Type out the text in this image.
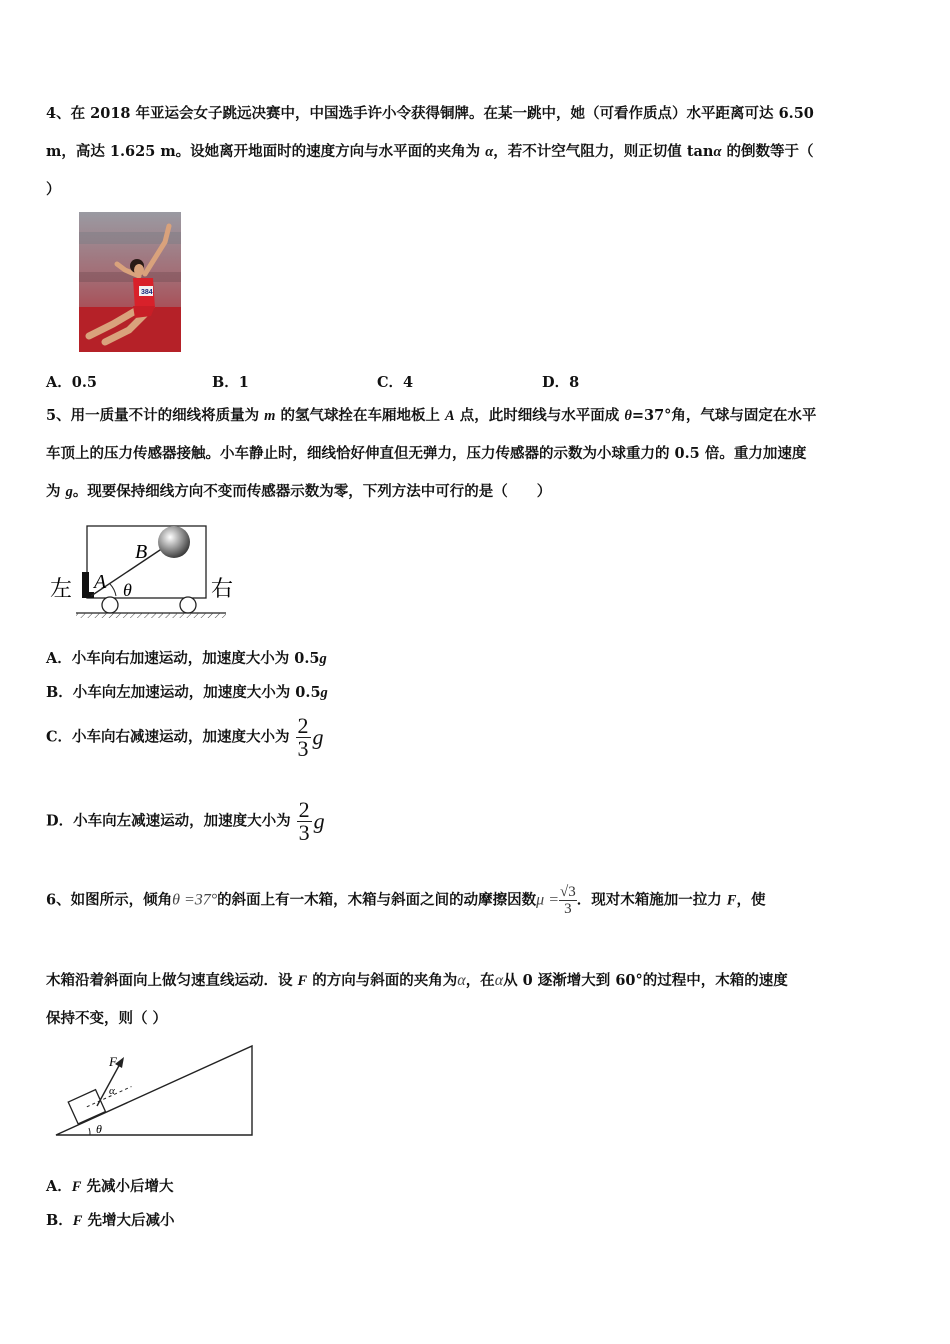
4、在 2018 年亚运会女子跳远决赛中，中国选手许小令获得铜牌。在某一跳中，她（可看作质点）水平距离可达 6.50
m，高达 1.625 m。设她离开地面时的速度方向与水平面的夹角为 α，若不计空气阻力，则正切值 tanα 的倒数等于（
）
384
A．0.5	B．1	C．4	D．8
5、用一质量不计的细线将质量为 m 的氢气球拴在车厢地板上 A 点，此时细线与水平面成 θ=37°角，气球与固定在水平
车顶上的压力传感器接触。小车静止时，细线恰好伸直但无弹力，压力传感器的示数为小球重力的 0.5 倍。重力加速度
为 g。现要保持细线方向不变而传感器示数为零，下列方法中可行的是（　　）
左	右
A
B
θ
A．小车向右加速运动，加速度大小为 0.5g
B．小车向左加速运动，加速度大小为 0.5g
C．小车向右减速运动，加速度大小为 $\frac{2}{3}$ g
D．小车向左减速运动，加速度大小为 $\frac{2}{3}$ g
6、如图所示，倾角θ =37°的斜面上有一木箱，木箱与斜面之间的动摩擦因数$\mu = \frac{√3}{3}$ ．现对木箱施加一拉力 F，使
木箱沿着斜面向上做匀速直线运动．设 F 的方向与斜面的夹角为α，在α从 0 逐渐增大到 60°的过程中，木箱的速度
保持不变，则（ ）
F
α
θ
A．F 先减小后增大
B．F 先增大后减小
